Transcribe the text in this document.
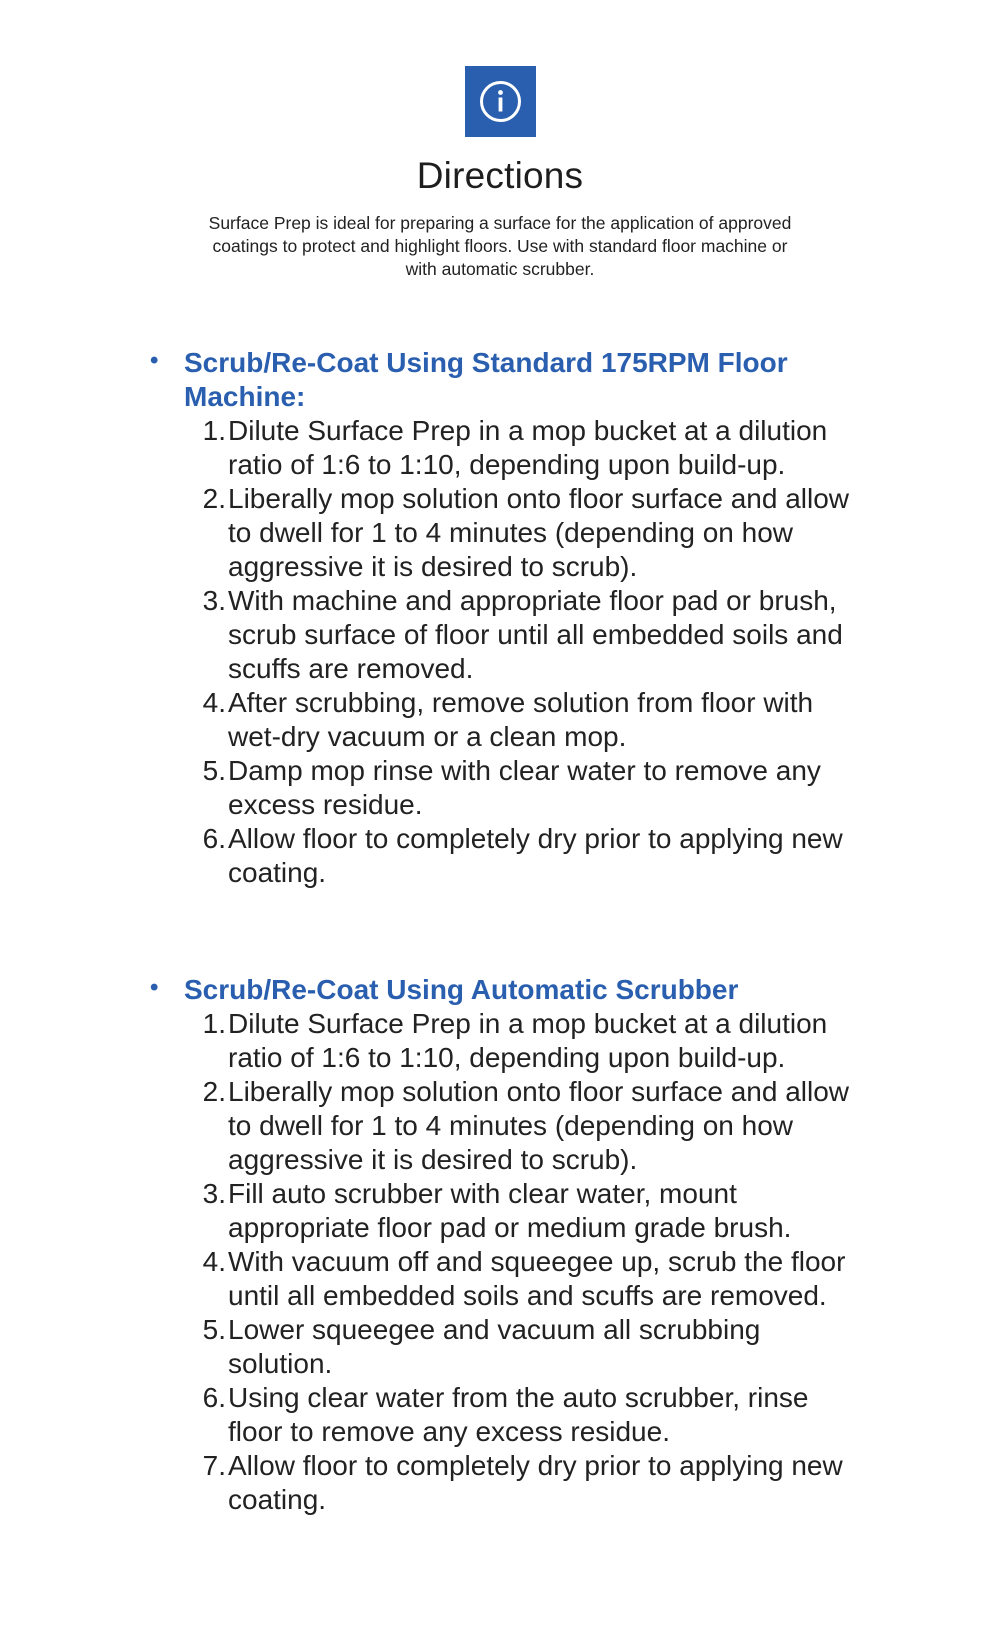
Directions
Surface Prep is ideal for preparing a surface for the application of approved coatings to protect and highlight floors. Use with standard floor machine or with automatic scrubber.
• Scrub/Re-Coat Using Standard 175RPM Floor Machine:
1. Dilute Surface Prep in a mop bucket at a dilution ratio of 1:6 to 1:10, depending upon build-up.
2. Liberally mop solution onto floor surface and allow to dwell for 1 to 4 minutes (depending on how aggressive it is desired to scrub).
3. With machine and appropriate floor pad or brush, scrub surface of floor until all embedded soils and scuffs are removed.
4. After scrubbing, remove solution from floor with wet-dry vacuum or a clean mop.
5. Damp mop rinse with clear water to remove any excess residue.
6. Allow floor to completely dry prior to applying new coating.
• Scrub/Re-Coat Using Automatic Scrubber
1. Dilute Surface Prep in a mop bucket at a dilution ratio of 1:6 to 1:10, depending upon build-up.
2. Liberally mop solution onto floor surface and allow to dwell for 1 to 4 minutes (depending on how aggressive it is desired to scrub).
3. Fill auto scrubber with clear water, mount appropriate floor pad or medium grade brush.
4. With vacuum off and squeegee up, scrub the floor until all embedded soils and scuffs are removed.
5. Lower squeegee and vacuum all scrubbing solution.
6. Using clear water from the auto scrubber, rinse floor to remove any excess residue.
7. Allow floor to completely dry prior to applying new coating.
